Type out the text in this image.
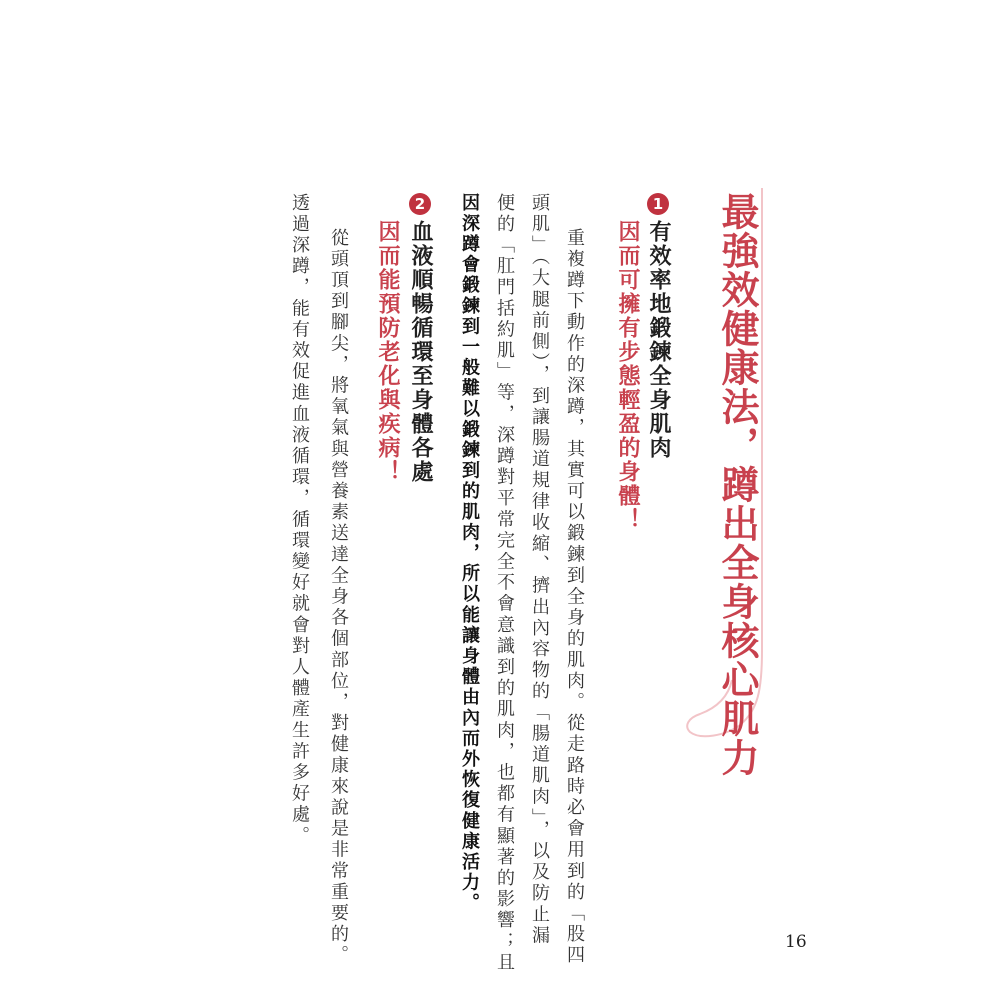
最強效健康法，蹲出全身核心肌力
1
有效率地鍛鍊全身肌肉
因而可擁有步態輕盈的身體！
重複蹲下動作的深蹲，其實可以鍛鍊到全身的肌肉。從走路時必會用到的「股四
頭肌」（大腿前側），到讓腸道規律收縮、擠出內容物的「腸道肌肉」，以及防止漏
便的「肛門括約肌」等，深蹲對平常完全不會意識到的肌肉，也都有顯著的影響；且
因深蹲會鍛鍊到一般難以鍛鍊到的肌肉，所以能讓身體由內而外恢復健康活力。
2
血液順暢循環至身體各處
因而能預防老化與疾病！
從頭頂到腳尖，將氧氣與營養素送達全身各個部位，對健康來說是非常重要的。
透過深蹲，能有效促進血液循環，循環變好就會對人體產生許多好處。
16
